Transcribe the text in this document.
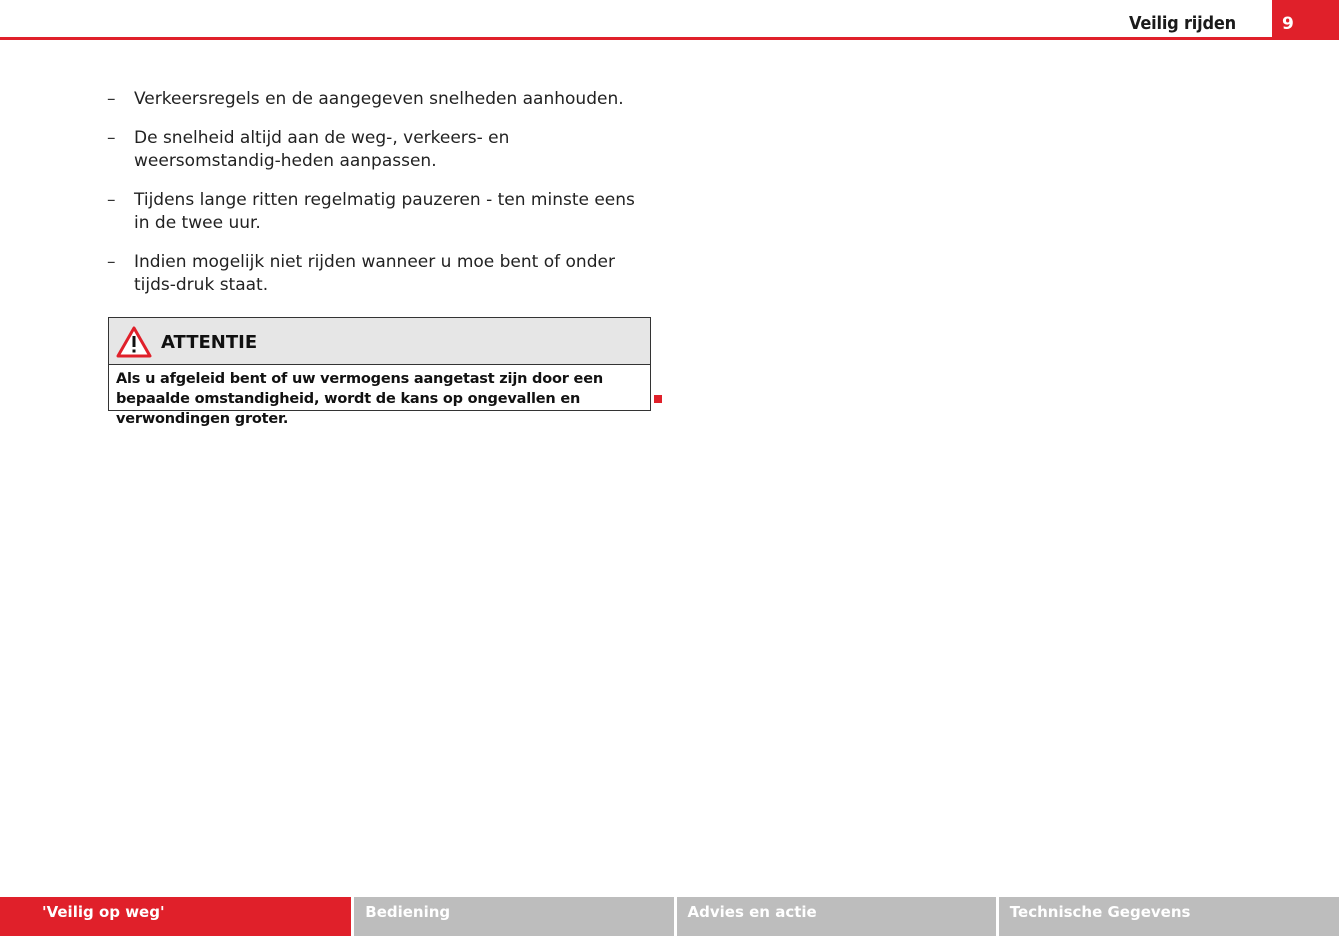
Veilig rijden	9
– Verkeersregels en de aangegeven snelheden aanhouden.
– De snelheid altijd aan de weg-, verkeers- en weersomstandig-heden aanpassen.
– Tijdens lange ritten regelmatig pauzeren - ten minste eens in de twee uur.
– Indien mogelijk niet rijden wanneer u moe bent of onder tijds-druk staat.
ATTENTIE
Als u afgeleid bent of uw vermogens aangetast zijn door een bepaalde omstandigheid, wordt de kans op ongevallen en verwondingen groter.
'Veilig op weg'	Bediening	Advies en actie	Technische Gegevens
